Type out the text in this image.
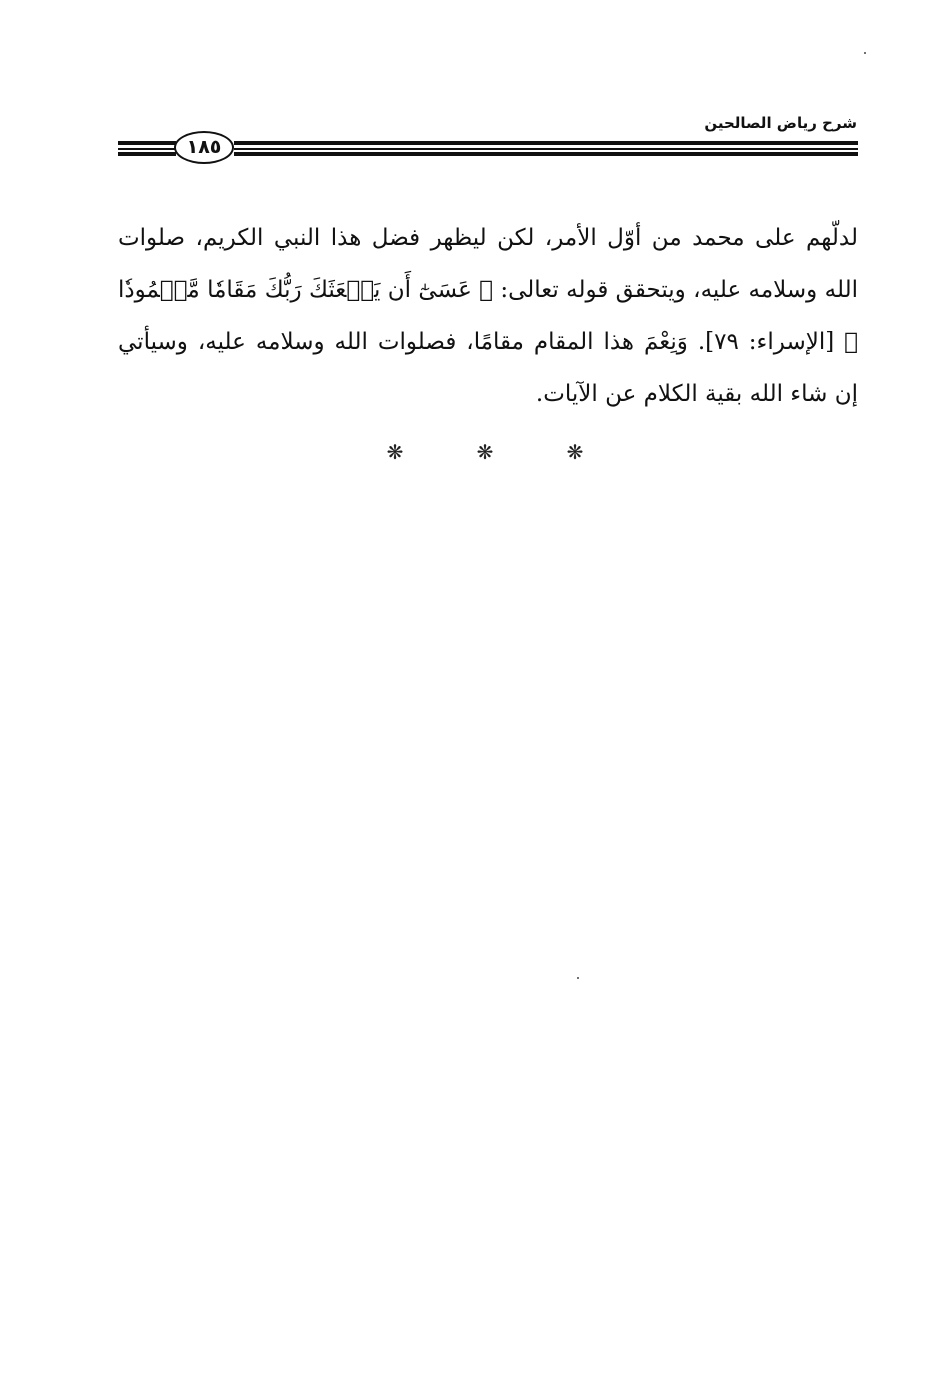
شرح رياض الصالحين
١٨٥

لدلّهم على محمد من أوّل الأمر، لكن ليظهر فضل هذا النبي الكريم، صلوات الله وسلامه عليه، ويتحقق قوله تعالى: ﴿ عَسَىٰٓ أَن يَبۡعَثَكَ رَبُّكَ مَقَامٗا مَّحۡمُودٗا ﴾ [الإسراء: ٧٩]. وَنِعْمَ هذا المقام مقامًا، فصلوات الله وسلامه عليه، وسيأتي إن شاء الله بقية الكلام عن الآيات.

❋	❋	❋
